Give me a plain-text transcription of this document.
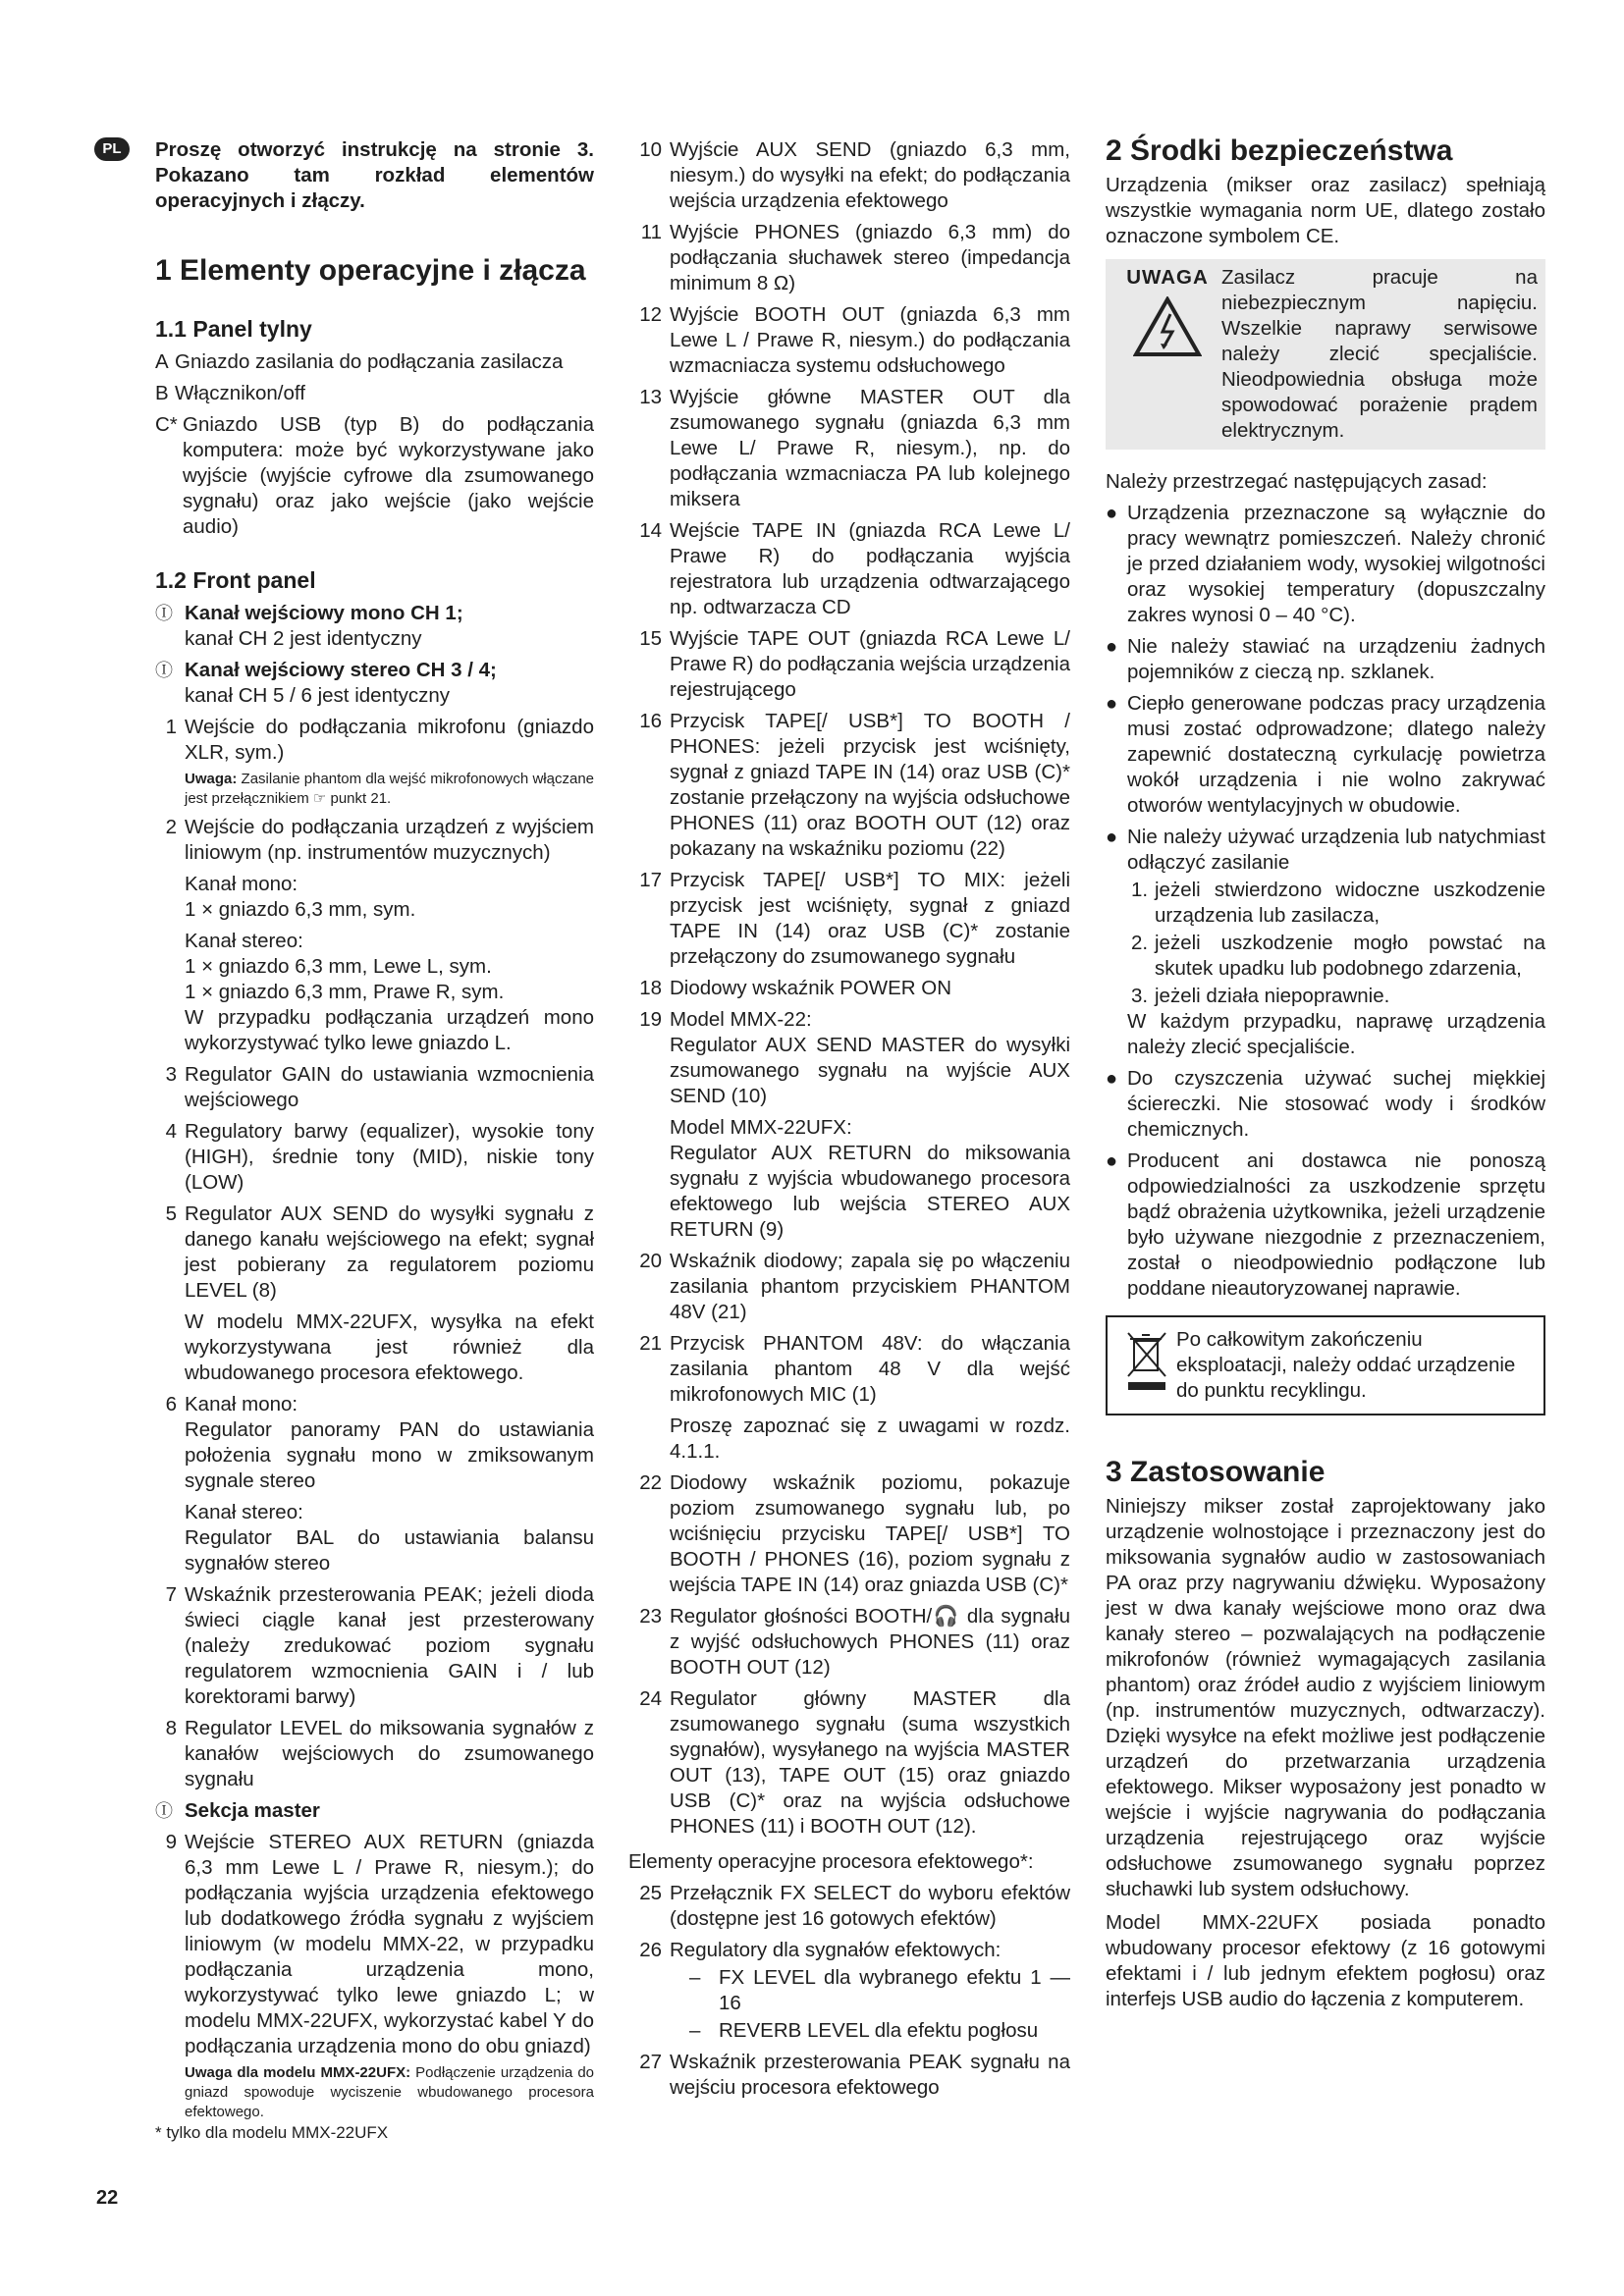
PL	Proszę otworzyć instrukcję na stronie 3. Pokazano tam rozkład elementów operacyjnych i złączy.

1 Elementy operacyjne i złącza
1.1 Panel tylny
A Gniazdo zasilania do podłączania zasilacza
B Włącznikon/off
C* Gniazdo USB (typ B) do podłączania komputera: może być wykorzystywane jako wyjście (wyjście cyfrowe dla zsumowanego sygnału) oraz jako wejście (jako wejście audio)
1.2 Front panel
Ⓘ Kanał wejściowy mono CH 1;
kanał CH 2 jest identyczny
Ⓘ Kanał wejściowy stereo CH 3 / 4;
kanał CH 5 / 6 jest identyczny
1 Wejście do podłączania mikrofonu (gniazdo XLR, sym.)
Uwaga: Zasilanie phantom dla wejść mikrofonowych włączane jest przełącznikiem ☞ punkt 21.
2 Wejście do podłączania urządzeń z wyjściem liniowym (np. instrumentów muzycznych)
Kanał mono:
1 × gniazdo 6,3 mm, sym.
Kanał stereo:
1 × gniazdo 6,3 mm, Lewe L, sym.
1 × gniazdo 6,3 mm, Prawe R, sym.
W przypadku podłączania urządzeń mono wykorzystywać tylko lewe gniazdo L.
3 Regulator GAIN do ustawiania wzmocnienia wejściowego
4 Regulatory barwy (equalizer), wysokie tony (HIGH), średnie tony (MID), niskie tony (LOW)
5 Regulator AUX SEND do wysyłki sygnału z danego kanału wejściowego na efekt; sygnał jest pobierany za regulatorem poziomu LEVEL (8)
W modelu MMX-22UFX, wysyłka na efekt wykorzystywana jest również dla wbudowanego procesora efektowego.
6 Kanał mono:
Regulator panoramy PAN do ustawiania położenia sygnału mono w zmiksowanym sygnale stereo
Kanał stereo:
Regulator BAL do ustawiania balansu sygnałów stereo
7 Wskaźnik przesterowania PEAK; jeżeli dioda świeci ciągle kanał jest przesterowany (należy zredukować poziom sygnału regulatorem wzmocnienia GAIN i / lub korektorami barwy)
8 Regulator LEVEL do miksowania sygnałów z kanałów wejściowych do zsumowanego sygnału
Ⓘ Sekcja master
9 Wejście STEREO AUX RETURN (gniazda 6,3 mm Lewe L / Prawe R, niesym.); do podłączania wyjścia urządzenia efektowego lub dodatkowego źródła sygnału z wyjściem liniowym (w modelu MMX-22, w przypadku podłączania urządzenia mono, wykorzystywać tylko lewe gniazdo L; w modelu MMX-22UFX, wykorzystać kabel Y do podłączania urządzenia mono do obu gniazd)
Uwaga dla modelu MMX-22UFX: Podłączenie urządzenia do gniazd spowoduje wyciszenie wbudowanego procesora efektowego.
10 Wyjście AUX SEND (gniazdo 6,3 mm, niesym.) do wysyłki na efekt; do podłączania wejścia urządzenia efektowego
11 Wyjście PHONES (gniazdo 6,3 mm) do podłączania słuchawek stereo (impedancja minimum 8 Ω)
12 Wyjście BOOTH OUT (gniazda 6,3 mm Lewe L / Prawe R, niesym.) do podłączania wzmacniacza systemu odsłuchowego
13 Wyjście główne MASTER OUT dla zsumowanego sygnału (gniazda 6,3 mm Lewe L/ Prawe R, niesym.), np. do podłączania wzmacniacza PA lub kolejnego miksera
14 Wejście TAPE IN (gniazda RCA Lewe L/ Prawe R) do podłączania wyjścia rejestratora lub urządzenia odtwarzającego np. odtwarzacza CD
15 Wyjście TAPE OUT (gniazda RCA Lewe L/ Prawe R) do podłączania wejścia urządzenia rejestrującego
16 Przycisk TAPE[/ USB*] TO BOOTH / PHONES: jeżeli przycisk jest wciśnięty, sygnał z gniazd TAPE IN (14) oraz USB (C)* zostanie przełączony na wyjścia odsłuchowe PHONES (11) oraz BOOTH OUT (12) oraz pokazany na wskaźniku poziomu (22)
17 Przycisk TAPE[/ USB*] TO MIX: jeżeli przycisk jest wciśnięty, sygnał z gniazd TAPE IN (14) oraz USB (C)* zostanie przełączony do zsumowanego sygnału
18 Diodowy wskaźnik POWER ON
19 Model MMX-22:
Regulator AUX SEND MASTER do wysyłki zsumowanego sygnału na wyjście AUX SEND (10)
Model MMX-22UFX:
Regulator AUX RETURN do miksowania sygnału z wyjścia wbudowanego procesora efektowego lub wejścia STEREO AUX RETURN (9)
20 Wskaźnik diodowy; zapala się po włączeniu zasilania phantom przyciskiem PHANTOM 48V (21)
21 Przycisk PHANTOM 48V: do włączania zasilania phantom 48 V dla wejść mikrofonowych MIC (1)
Proszę zapoznać się z uwagami w rozdz. 4.1.1.
22 Diodowy wskaźnik poziomu, pokazuje poziom zsumowanego sygnału lub, po wciśnięciu przycisku TAPE[/ USB*] TO BOOTH / PHONES (16), poziom sygnału z wejścia TAPE IN (14) oraz gniazda USB (C)*
23 Regulator głośności BOOTH/🎧 dla sygnału z wyjść odsłuchowych PHONES (11) oraz BOOTH OUT (12)
24 Regulator główny MASTER dla zsumowanego sygnału (suma wszystkich sygnałów), wysyłanego na wyjścia MASTER OUT (13), TAPE OUT (15) oraz gniazdo USB (C)* oraz na wyjścia odsłuchowe PHONES (11) i BOOTH OUT (12).

Elementy operacyjne procesora efektowego*:

25 Przełącznik FX SELECT do wyboru efektów (dostępne jest 16 gotowych efektów)
26 Regulatory dla sygnałów efektowych:
– FX LEVEL dla wybranego efektu 1 — 16
– REVERB LEVEL dla efektu pogłosu
27 Wskaźnik przesterowania PEAK sygnału na wejściu procesora efektowego
2 Środki bezpieczeństwa

Urządzenia (mikser oraz zasilacz) spełniają wszystkie wymagania norm UE, dlatego zostało oznaczone symbolem CE.

UWAGA Zasilacz pracuje na niebezpiecznym napięciu. Wszelkie naprawy serwisowe należy zlecić specjaliście. Nieodpowiednia obsługa może spowodować porażenie prądem elektrycznym.

Należy przestrzegać następujących zasad:

● Urządzenia przeznaczone są wyłącznie do pracy wewnątrz pomieszczeń. Należy chronić je przed działaniem wody, wysokiej wilgotności oraz wysokiej temperatury (dopuszczalny zakres wynosi 0 – 40 °C).
● Nie należy stawiać na urządzeniu żadnych pojemników z cieczą np. szklanek.
● Ciepło generowane podczas pracy urządzenia musi zostać odprowadzone; dlatego należy zapewnić dostateczną cyrkulację powietrza wokół urządzenia i nie wolno zakrywać otworów wentylacyjnych w obudowie.
● Nie należy używać urządzenia lub natychmiast odłączyć zasilanie
1. jeżeli stwierdzono widoczne uszkodzenie urządzenia lub zasilacza,
2. jeżeli uszkodzenie mogło powstać na skutek upadku lub podobnego zdarzenia,
3. jeżeli działa niepoprawnie.
W każdym przypadku, naprawę urządzenia należy zlecić specjaliście.
● Do czyszczenia używać suchej miękkiej ściereczki. Nie stosować wody i środków chemicznych.
● Producent ani dostawca nie ponoszą odpowiedzialności za uszkodzenie sprzętu bądź obrażenia użytkownika, jeżeli urządzenie było używane niezgodnie z przeznaczeniem, został o nieodpowiednio podłączone lub poddane nieautoryzowanej naprawie.
Po całkowitym zakończeniu eksploatacji, należy oddać urządzenie do punktu recyklingu.
3 Zastosowanie

Niniejszy mikser został zaprojektowany jako urządzenie wolnostojące i przeznaczony jest do miksowania sygnałów audio w zastosowaniach PA oraz przy nagrywaniu dźwięku. Wyposażony jest w dwa kanały wejściowe mono oraz dwa kanały stereo – pozwalających na podłączenie mikrofonów (również wymagających zasilania phantom) oraz źródeł audio z wyjściem liniowym (np. instrumentów muzycznych, odtwarzaczy). Dzięki wysyłce na efekt możliwe jest podłączenie urządzeń do przetwarzania urządzenia efektowego. Mikser wyposażony jest ponadto w wejście i wyjście nagrywania do podłączania urządzenia rejestrującego oraz wyjście odsłuchowe zsumowanego sygnału poprzez słuchawki lub system odsłuchowy.

Model MMX-22UFX posiada ponadto wbudowany procesor efektowy (z 16 gotowymi efektami i / lub jednym efektem pogłosu) oraz interfejs USB audio do łączenia z komputerem.

* tylko dla modelu MMX-22UFX
22
